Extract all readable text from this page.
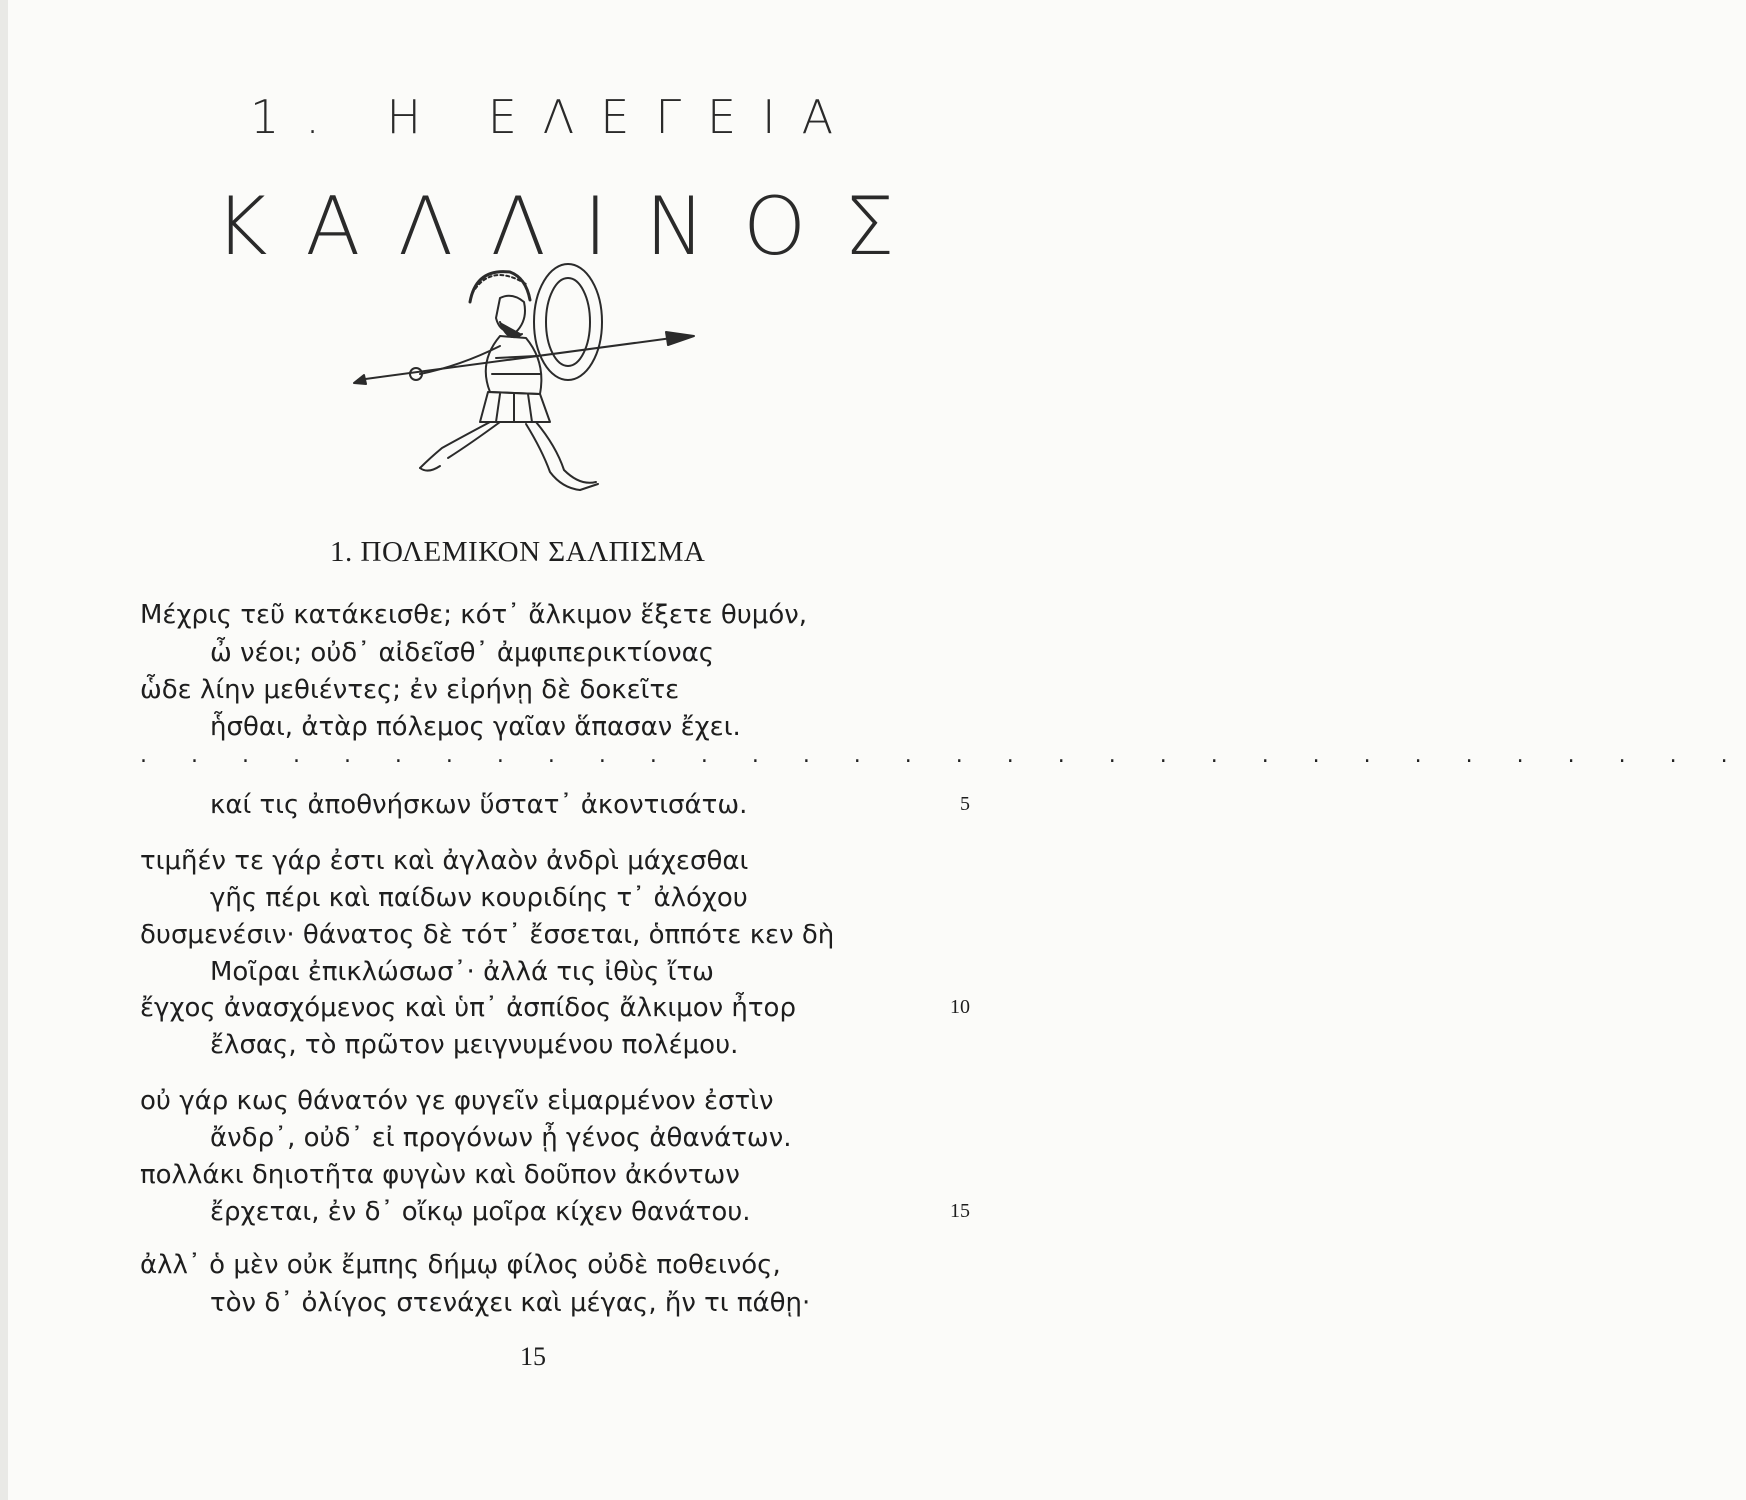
1. Η ΕΛΕΓΕΙΑ
ΚΑΛΛΙΝΟΣ
1. ΠΟΛΕΜΙΚΟΝ ΣΑΛΠΙΣΜΑ
Μέχρις τεῦ κατάκεισθε; κότ᾽ ἄλκιμον ἕξετε θυμόν,
ὦ νέοι; οὐδ᾽ αἰδεῖσθ᾽ ἀμφιπερικτίονας
ὧδε λίην μεθιέντες; ἐν εἰρήνῃ δὲ δοκεῖτε
ἧσθαι, ἀτὰρ πόλεμος γαῖαν ἅπασαν ἔχει.
. . . . . . . . . . . . . . . . . . . . . . . . . . . . . . . .
καί τις ἀποθνήσκων ὕστατ᾽ ἀκοντισάτω.
τιμῆέν τε γάρ ἐστι καὶ ἀγλαὸν ἀνδρὶ μάχεσθαι
γῆς πέρι καὶ παίδων κουριδίης τ᾽ ἀλόχου
δυσμενέσιν· θάνατος δὲ τότ᾽ ἔσσεται, ὁππότε κεν δὴ
Μοῖραι ἐπικλώσωσ᾽· ἀλλά τις ἰθὺς ἴτω
ἔγχος ἀνασχόμενος καὶ ὑπ᾽ ἀσπίδος ἄλκιμον ἦτορ
ἔλσας, τὸ πρῶτον μειγνυμένου πολέμου.
οὐ γάρ κως θάνατόν γε φυγεῖν εἱμαρμένον ἐστὶν
ἄνδρ᾽, οὐδ᾽ εἰ προγόνων ᾖ γένος ἀθανάτων.
πολλάκι δηιοτῆτα φυγὼν καὶ δοῦπον ἀκόντων
ἔρχεται, ἐν δ᾽ οἴκῳ μοῖρα κίχεν θανάτου.
ἀλλ᾽ ὁ μὲν οὐκ ἔμπης δήμῳ φίλος οὐδὲ ποθεινός,
τὸν δ᾽ ὀλίγος στενάχει καὶ μέγας, ἤν τι πάθῃ·
5
10
15
15
